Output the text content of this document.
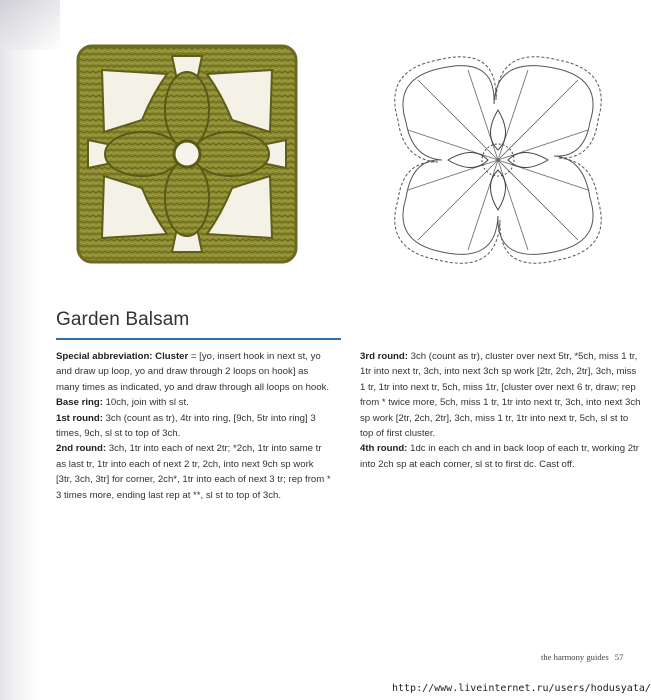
Garden Balsam

Special abbreviation: Cluster = [yo, insert hook in next st, yo and draw up loop, yo and draw through 2 loops on hook] as many times as indicated, yo and draw through all loops on hook.

Base ring: 10ch, join with sl st.

1st round: 3ch (count as tr), 4tr into ring, [9ch, 5tr into ring] 3 times, 9ch, sl st to top of 3ch.

2nd round: 3ch, 1tr into each of next 2tr; *2ch, 1tr into same tr as last tr, 1tr into each of next 2 tr, 2ch, into next 9ch sp work [3tr, 3ch, 3tr] for corner, 2ch*, 1tr into each of next 3 tr; rep from * 3 times more, ending last rep at **, sl st to top of 3ch.

3rd round: 3ch (count as tr), cluster over next 5tr, *5ch, miss 1 tr, 1tr into next tr, 3ch, into next 3ch sp work [2tr, 2ch, 2tr], 3ch, miss 1 tr, 1tr into next tr, 5ch, miss 1tr, [cluster over next 6 tr, draw; rep from * twice more, 5ch, miss 1 tr, 1tr into next tr, 3ch, into next 3ch sp work [2tr, 2ch, 2tr], 3ch, miss 1 tr, 1tr into next tr, 5ch, sl st to top of first cluster.

4th round: 1dc in each ch and in back loop of each tr, working 2tr into 2ch sp at each corner, sl st to first dc. Cast off.

the harmony guides 57
http://www.liveinternet.ru/users/hodusyata/
